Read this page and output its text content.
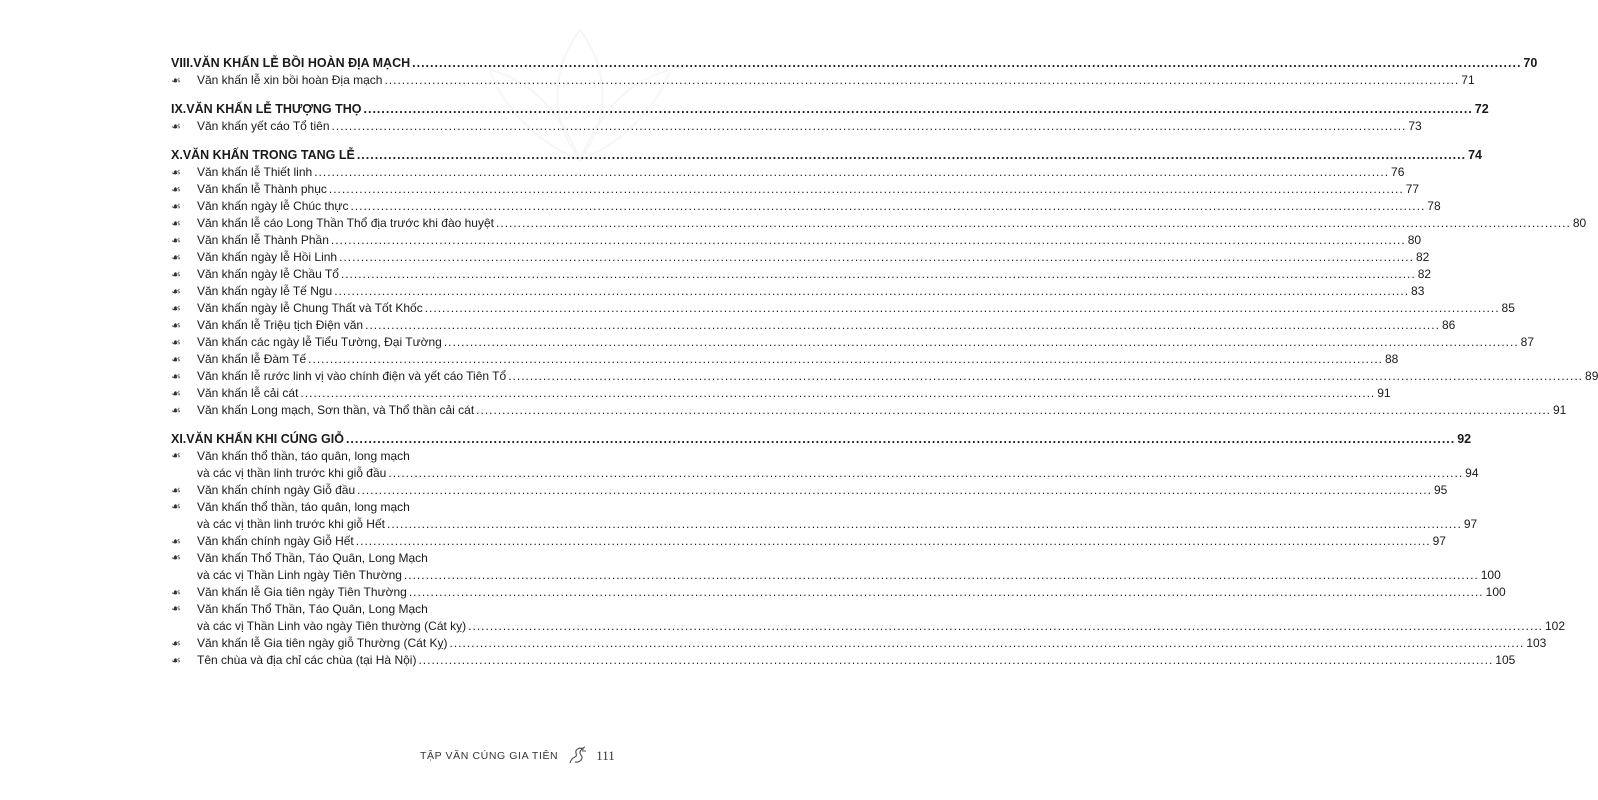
VIII. VĂN KHẤN LỄ BỒI HOÀN ĐỊA MẠCH .....	70
☙	Văn khấn lễ xin bồi hoàn Địa mạch .....	71
IX. VĂN KHẤN LỄ THƯỢNG THỌ .....	72
☙	Văn khấn yết cáo Tổ tiên .....	73
X. VĂN KHẤN TRONG TANG LỄ .....	74
☙	Văn khấn lễ Thiết linh .....	76
☙	Văn khấn lễ Thành phục .....	77
☙	Văn khấn ngày lễ Chúc thực .....	78
☙	Văn khấn lễ cáo Long Thần Thổ địa trước khi đào huyệt .....	80
☙	Văn khấn lễ Thành Phần .....	80
☙	Văn khấn ngày lễ Hồi Linh .....	82
☙	Văn khấn ngày lễ Chầu Tổ .....	82
☙	Văn khấn ngày lễ Tế Ngu .....	83
☙	Văn khấn ngày lễ Chung Thất và Tốt Khốc .....	85
☙	Văn khấn lễ Triệu tịch Điện văn .....	86
☙	Văn khấn các ngày lễ Tiểu Tường, Đại Tường .....	87
☙	Văn khấn lễ Đàm Tế .....	88
☙	Văn khấn lễ rước linh vị vào chính điện và yết cáo Tiên Tổ .....	89
☙	Văn khấn lễ cải cát .....	91
☙	Văn khấn Long mạch, Sơn thần, và Thổ thần cải cát .....	91
XI. VĂN KHẤN KHI CÚNG GIỖ .....	92
☙	Văn khấn thổ thần, táo quân, long mạch
và các vị thần linh trước khi giỗ đầu .....	94
☙	Văn khấn chính ngày Giỗ đầu .....	95
☙	Văn khấn thổ thần, táo quân, long mạch
và các vị thần linh trước khi giỗ Hết .....	97
☙	Văn khấn chính ngày Giỗ Hết .....	97
☙	Văn khấn Thổ Thần, Táo Quân, Long Mạch
và các vị Thần Linh ngày Tiên Thường .....	100
☙	Văn khấn lễ Gia tiên ngày Tiên Thường .....	100
☙	Văn khấn Thổ Thần, Táo Quân, Long Mạch
và các vị Thần Linh vào ngày Tiên thường (Cát kỵ) .....	102
☙	Văn khấn lễ Gia tiên ngày giỗ Thường (Cát Kỵ) .....	103
☙	Tên chùa và địa chỉ các chùa (tại Hà Nội) .....	105
TẬP VĂN CÚNG GIA TIÊN	111
